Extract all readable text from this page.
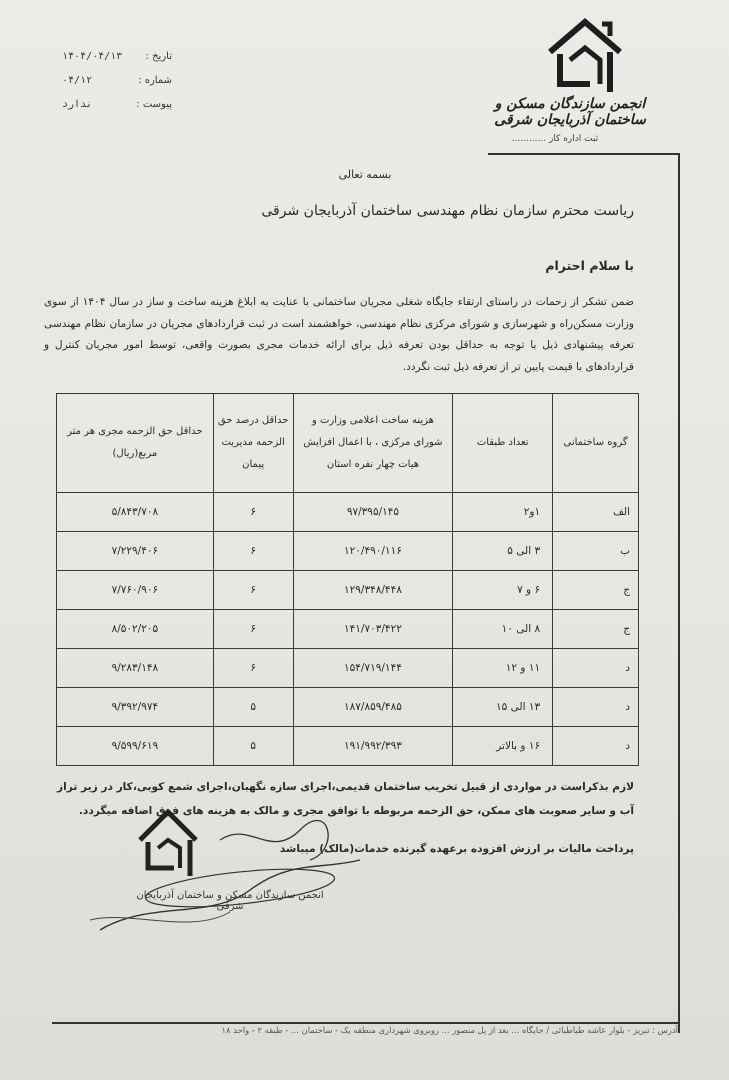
انجمن سازندگان مسکن و ساختمان آذربایجان شرقی
ثبت اداره کار ............
تاریخ :
۱۴۰۴/۰۴/۱۳
شماره :
۰۴/۱۲
پیوست :
ندارد
بسمه تعالی
ریاست محترم سازمان نظام مهندسی ساختمان آذربایجان شرقی
با سلام احترام
ضمن تشکر از زحمات در راستای ارتقاء جایگاه شغلی مجریان ساختمانی با عنایت به ابلاغ هزینه ساخت و ساز در سال ۱۴۰۴ از سوی وزارت مسکن‌راه و شهرسازی و شورای مرکزی نظام مهندسی، خواهشمند است در ثبت قراردادهای مجریان در سازمان نظام مهندسی تعرفه پیشنهادی ذیل با توجه به حداقل بودن تعرفه ذیل برای ارائه خدمات مجری بصورت واقعی، توسط امور مجریان کنترل و قراردادهای با قیمت پایین تر از تعرفه ذیل ثبت نگردد.
گروه ساختمانی	تعداد طبقات	هزینه ساخت اعلامی وزارت و شورای مرکزی ، با اعمال افزایش هیات چهار نفره استان	حداقل درصد حق الزحمه مدیریت پیمان	حداقل حق الزحمه مجری هر متر مربع(ریال)
الف	۱و۲	۹۷/۳۹۵/۱۴۵	۶	۵/۸۴۳/۷۰۸
ب	۳ الی ۵	۱۲۰/۴۹۰/۱۱۶	۶	۷/۲۲۹/۴۰۶
ج	۶ و ۷	۱۲۹/۳۴۸/۴۴۸	۶	۷/۷۶۰/۹۰۶
ج	۸ الی ۱۰	۱۴۱/۷۰۳/۴۲۲	۶	۸/۵۰۲/۲۰۵
د	۱۱ و ۱۲	۱۵۴/۷۱۹/۱۴۴	۶	۹/۲۸۳/۱۴۸
د	۱۳ الی ۱۵	۱۸۷/۸۵۹/۴۸۵	۵	۹/۳۹۲/۹۷۴
د	۱۶ و بالاتر	۱۹۱/۹۹۲/۳۹۳	۵	۹/۵۹۹/۶۱۹
لازم بذکراست در مواردی از قبیل تخریب ساختمان قدیمی،اجرای سازه نگهبان،اجرای شمع کوبی،کار در زیر تراز آب و سایر صعوبت های ممکن، حق الزحمه مربوطه با توافق مجری و مالک به هزینه های فوق اضافه میگردد.
پرداخت مالیات بر ارزش افزوده برعهده گیرنده خدمات(مالک) میباشد
انجمن سازندگان مسکن و ساختمان آذربایجان شرقی
آدرس : تبریز - بلوار عاشه طباطبائی / جایگاه ... بعد از پل منصور ... روبروی شهرداری منطقه یک - ساختمان ... - طبقه ۲ - واحد ۱۸
